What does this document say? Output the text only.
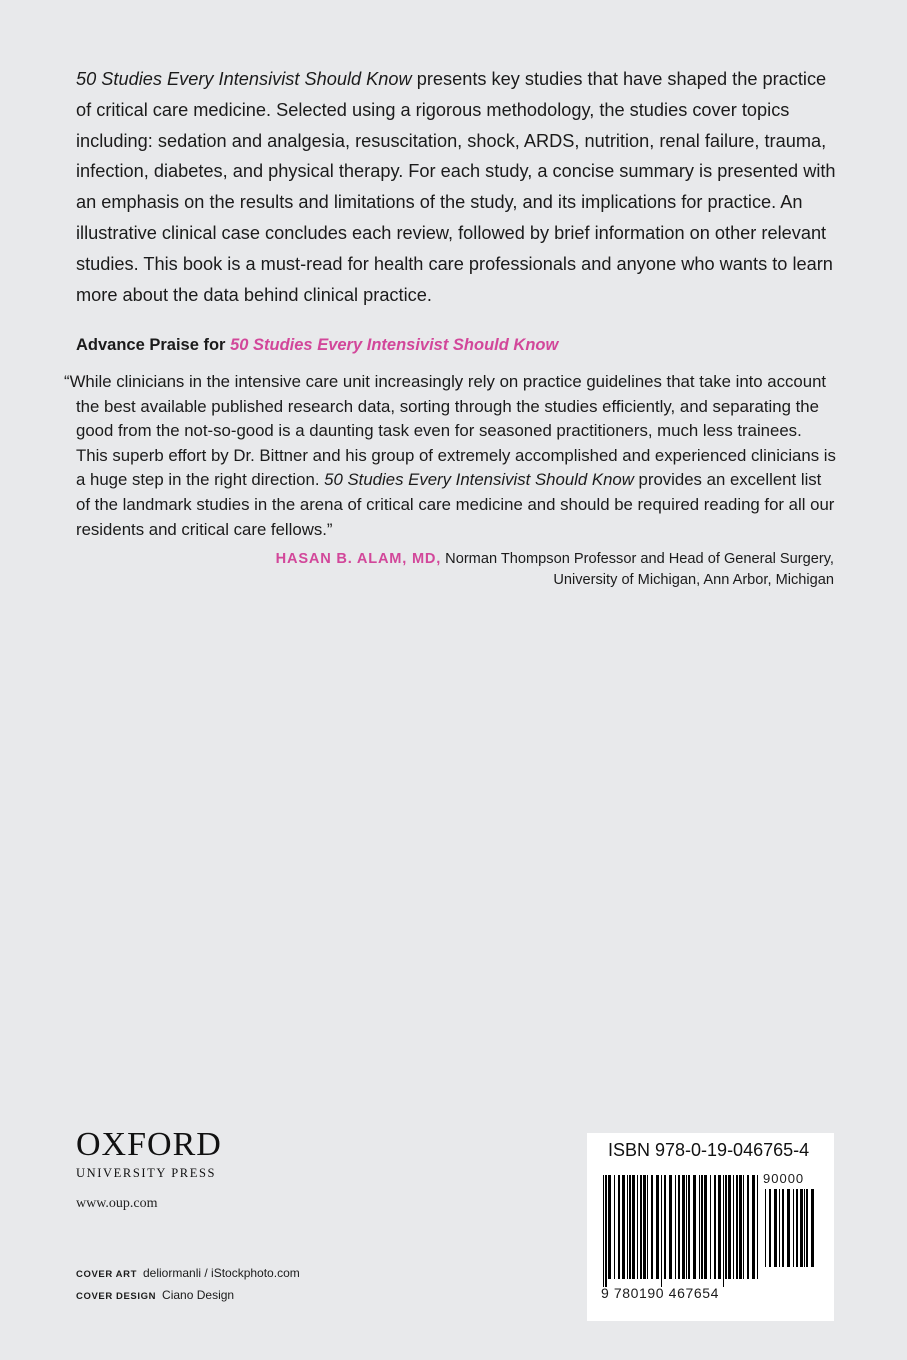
50 Studies Every Intensivist Should Know presents key studies that have shaped the practice of critical care medicine. Selected using a rigorous methodology, the studies cover topics including: sedation and analgesia, resuscitation, shock, ARDS, nutrition, renal failure, trauma, infection, diabetes, and physical therapy. For each study, a concise summary is presented with an emphasis on the results and limitations of the study, and its implications for practice. An illustrative clinical case concludes each review, followed by brief information on other relevant studies. This book is a must-read for health care professionals and anyone who wants to learn more about the data behind clinical practice.

Advance Praise for 50 Studies Every Intensivist Should Know

“While clinicians in the intensive care unit increasingly rely on practice guidelines that take into account the best available published research data, sorting through the studies efficiently, and separating the good from the not-so-good is a daunting task even for seasoned practitioners, much less trainees. This superb effort by Dr. Bittner and his group of extremely accomplished and experienced clinicians is a huge step in the right direction. 50 Studies Every Intensivist Should Know provides an excellent list of the landmark studies in the arena of critical care medicine and should be required reading for all our residents and critical care fellows.”

HASAN B. ALAM, MD, Norman Thompson Professor and Head of General Surgery,
University of Michigan, Ann Arbor, Michigan

OXFORD
UNIVERSITY PRESS
www.oup.com
COVER ART deliormanli / iStockphoto.com
COVER DESIGN Ciano Design
ISBN 978-0-19-046765-4
90000
9 780190 467654
